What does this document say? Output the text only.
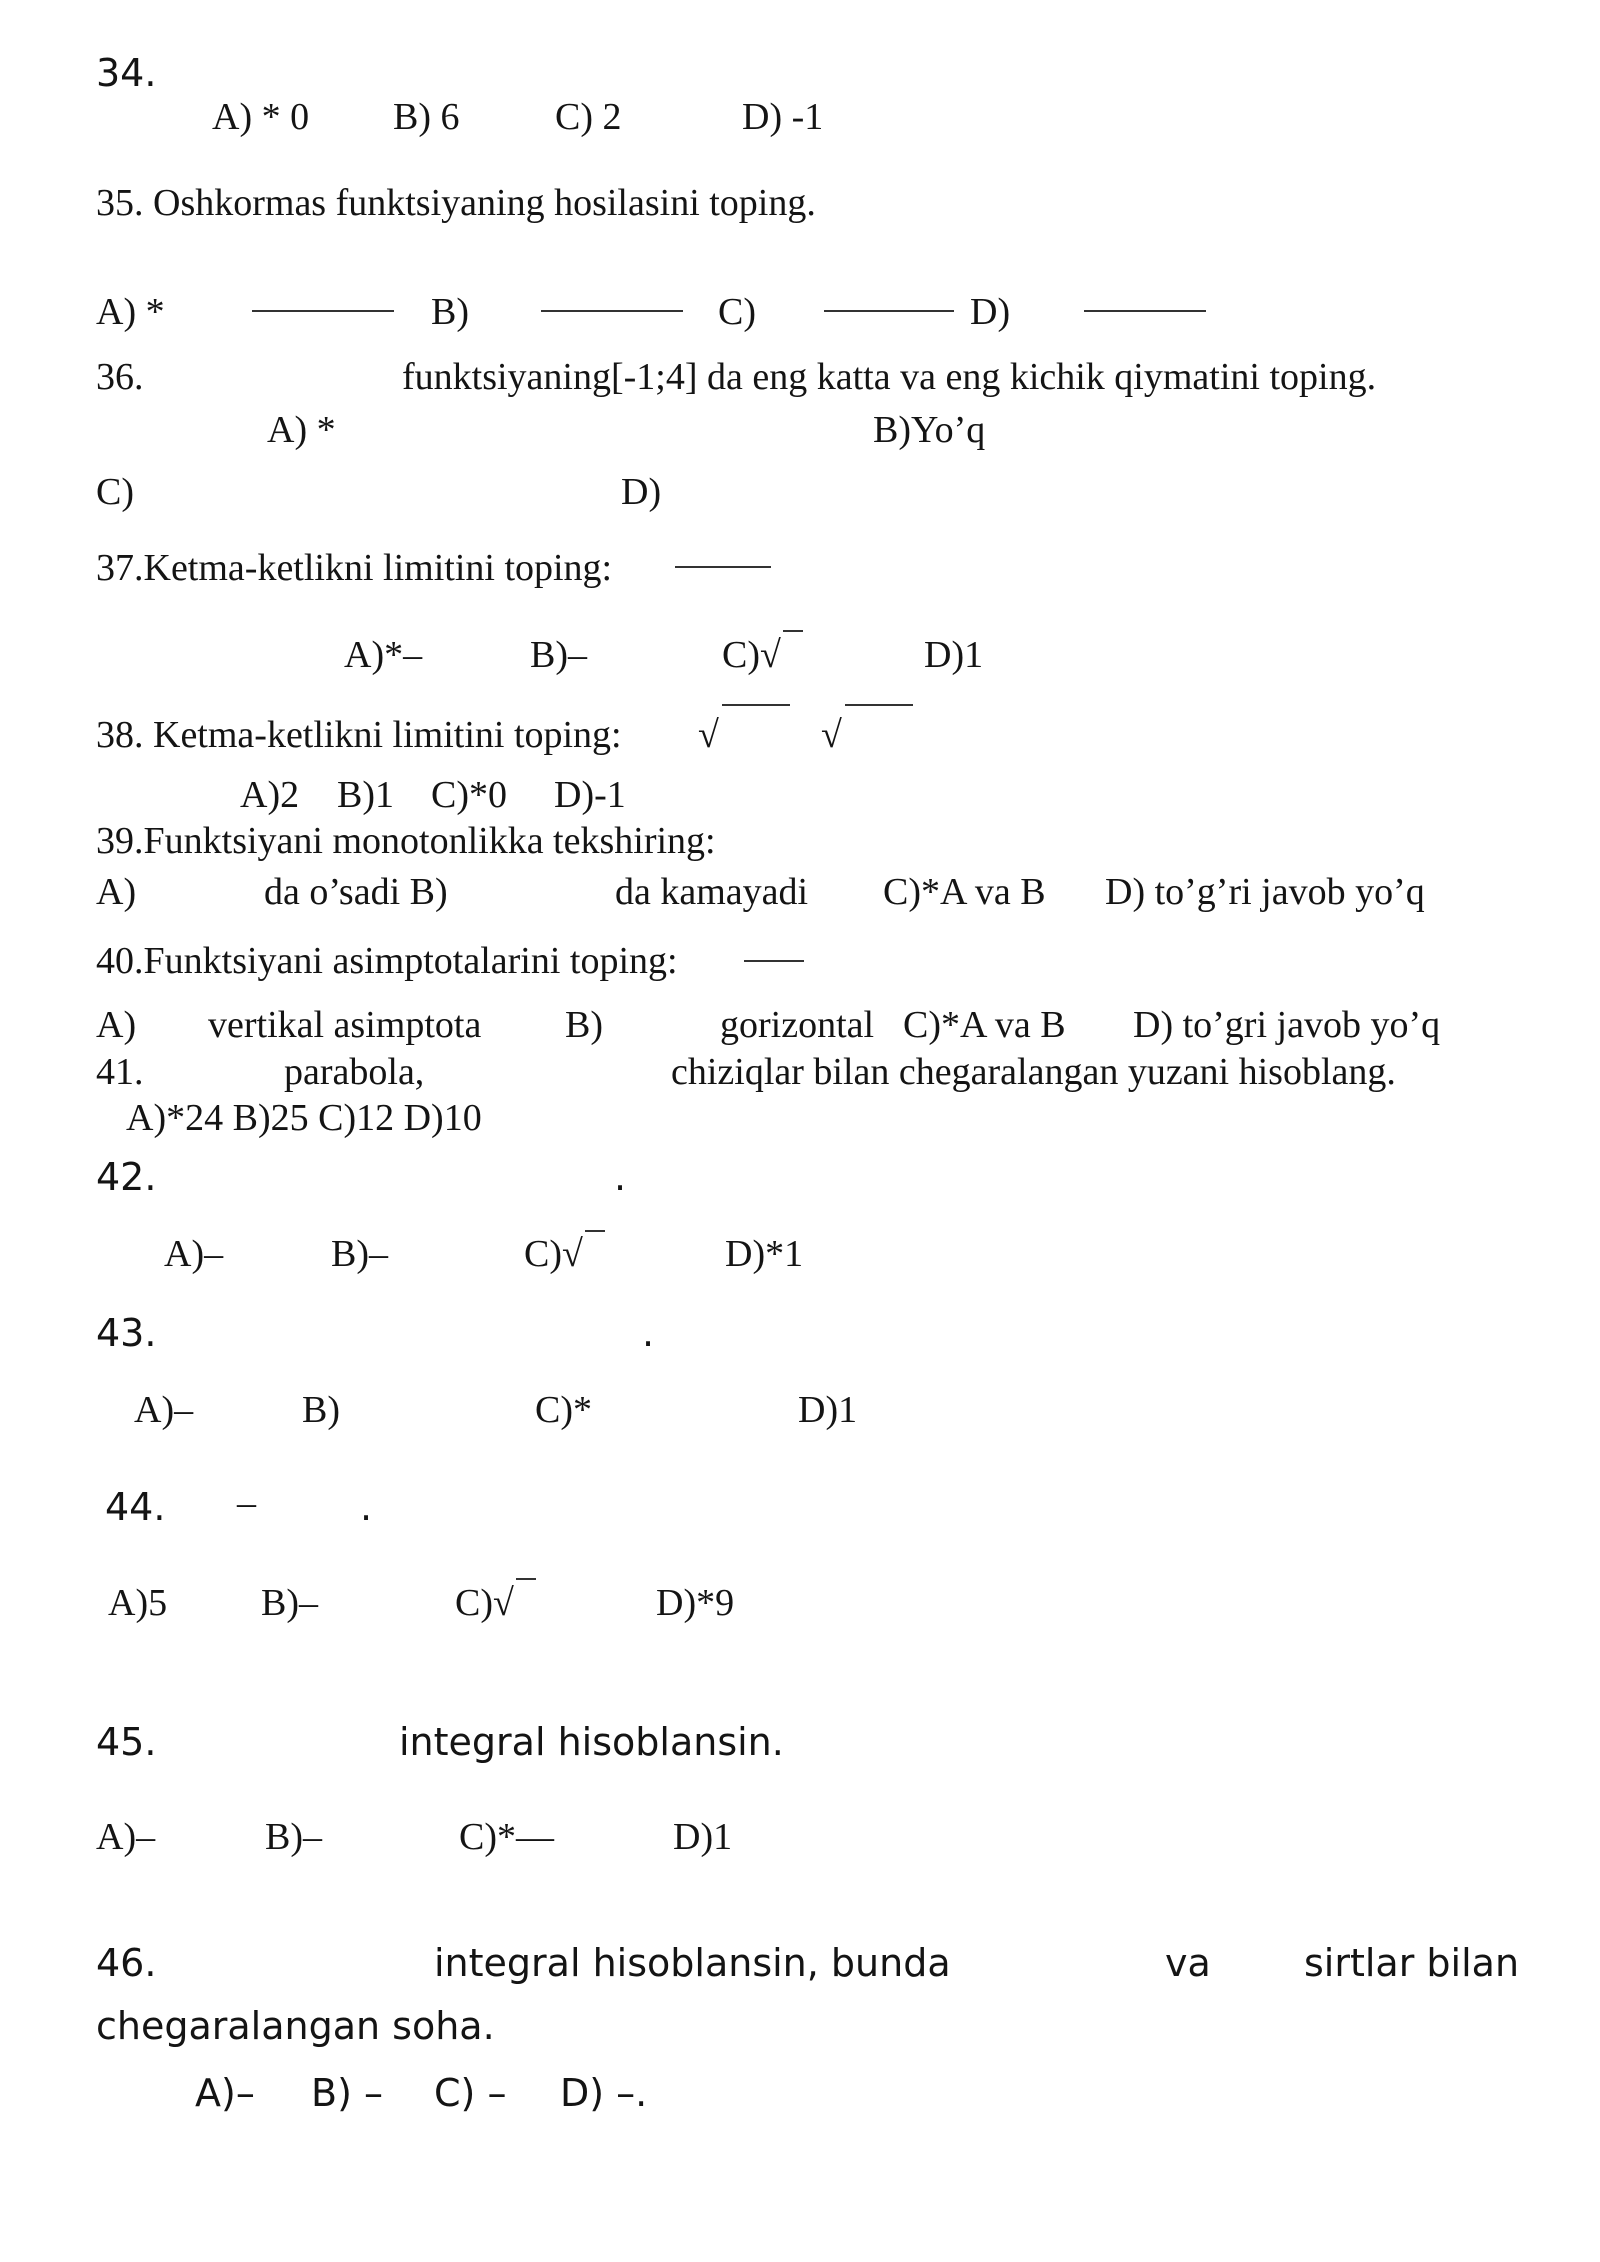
34.
A) * 0 B) 6	C) 2	D) -1
35. Oshkormas funktsiyaning hosilasini toping.
A) *	B)	C)	D)
36.	funktsiyaning[-1;4] da eng katta va eng kichik qiymatini toping.
A) *	B)Yo’q
C)	D)
37.Ketma-ketlikni limitini toping:
A)*–	B)–	C)√	D)1
38. Ketma-ketlikni limitini toping: √	√
A)2 B)1 C)*0 D)-1
39.Funktsiyani monotonlikka tekshiring:
A)	da o’sadi B)	da kamayadi C)*A va B D) to’g’ri javob yo’q
40.Funktsiyani asimptotalarini toping:
A) vertikal asimptota B)	gorizontal C)*A va B D) to’gri javob yo’q
41.	parabola,	chiziqlar bilan chegaralangan yuzani hisoblang.
A)*24 B)25 C)12 D)10
42.	.
A)–	B)–	C)√	D)*1
43.	.
A)–	B)	C)*	D)1
44. –	.
A)5 B)–	C)√	D)*9
45.	integral hisoblansin.
A)–	B)–	C)*—	D)1
46.	integral hisoblansin, bunda	va sirtlar bilan
chegaralangan soha.
A)– B) – C) – D) –.
